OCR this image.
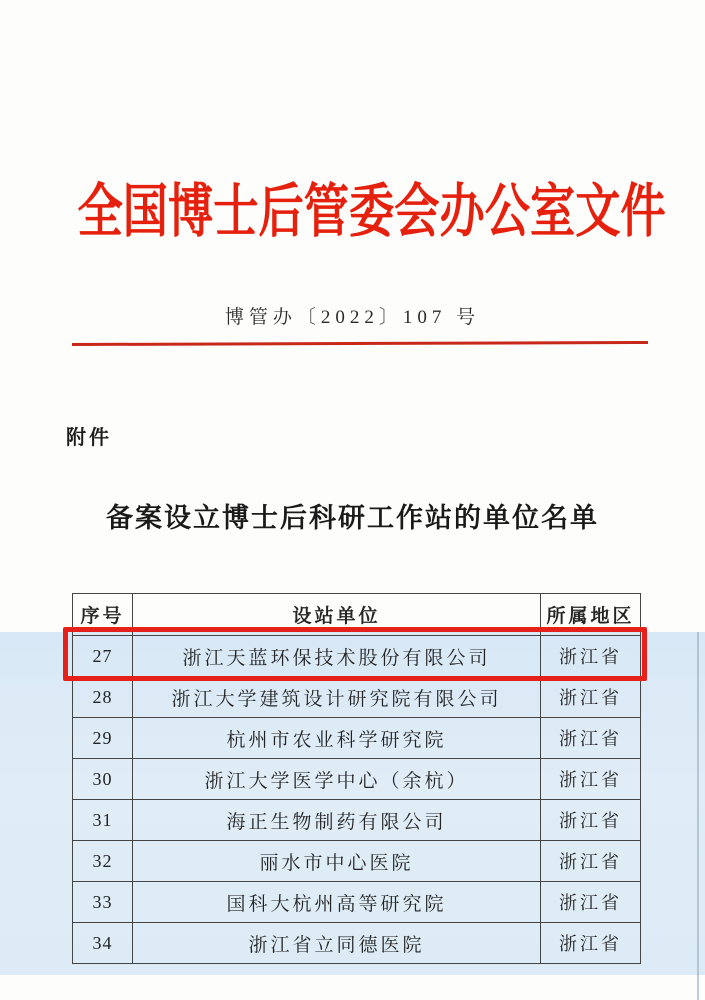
全国博士后管委会办公室文件
博管办〔2022〕107 号
附件
备案设立博士后科研工作站的单位名单
序号	设站单位	所属地区
27	浙江天蓝环保技术股份有限公司	浙江省
28	浙江大学建筑设计研究院有限公司	浙江省
29	杭州市农业科学研究院	浙江省
30	浙江大学医学中心（余杭）	浙江省
31	海正生物制药有限公司	浙江省
32	丽水市中心医院	浙江省
33	国科大杭州高等研究院	浙江省
34	浙江省立同德医院	浙江省
